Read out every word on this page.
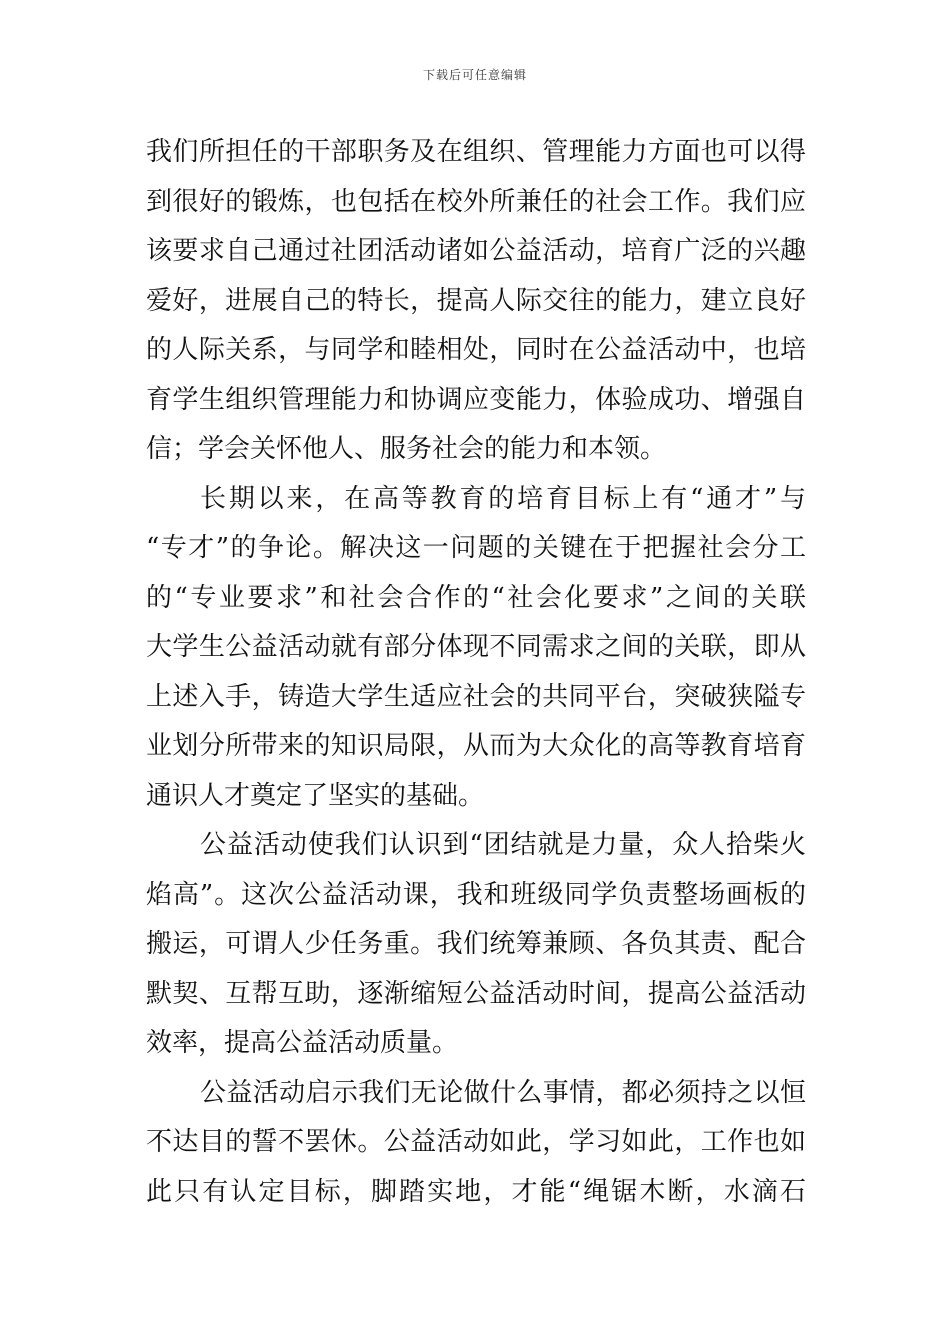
下载后可任意编辑
我们所担任的干部职务及在组织、管理能力方面也可以得
到很好的锻炼，也包括在校外所兼任的社会工作。我们应
该要求自己通过社团活动诸如公益活动，培育广泛的兴趣
爱好，进展自己的特长，提高人际交往的能力，建立良好
的人际关系，与同学和睦相处，同时在公益活动中，也培
育学生组织管理能力和协调应变能力，体验成功、增强自
信；学会关怀他人、服务社会的能力和本领。
长期以来，在高等教育的培育目标上有“通才”与
“专才”的争论。解决这一问题的关键在于把握社会分工
的“专业要求”和社会合作的“社会化要求”之间的关联
大学生公益活动就有部分体现不同需求之间的关联，即从
上述入手，铸造大学生适应社会的共同平台，突破狭隘专
业划分所带来的知识局限，从而为大众化的高等教育培育
通识人才奠定了坚实的基础。
公益活动使我们认识到“团结就是力量，众人拾柴火
焰高”。这次公益活动课，我和班级同学负责整场画板的
搬运，可谓人少任务重。我们统筹兼顾、各负其责、配合
默契、互帮互助，逐渐缩短公益活动时间，提高公益活动
效率，提高公益活动质量。
公益活动启示我们无论做什么事情，都必须持之以恒
不达目的誓不罢休。公益活动如此，学习如此，工作也如
此只有认定目标，脚踏实地，才能“绳锯木断，水滴石
